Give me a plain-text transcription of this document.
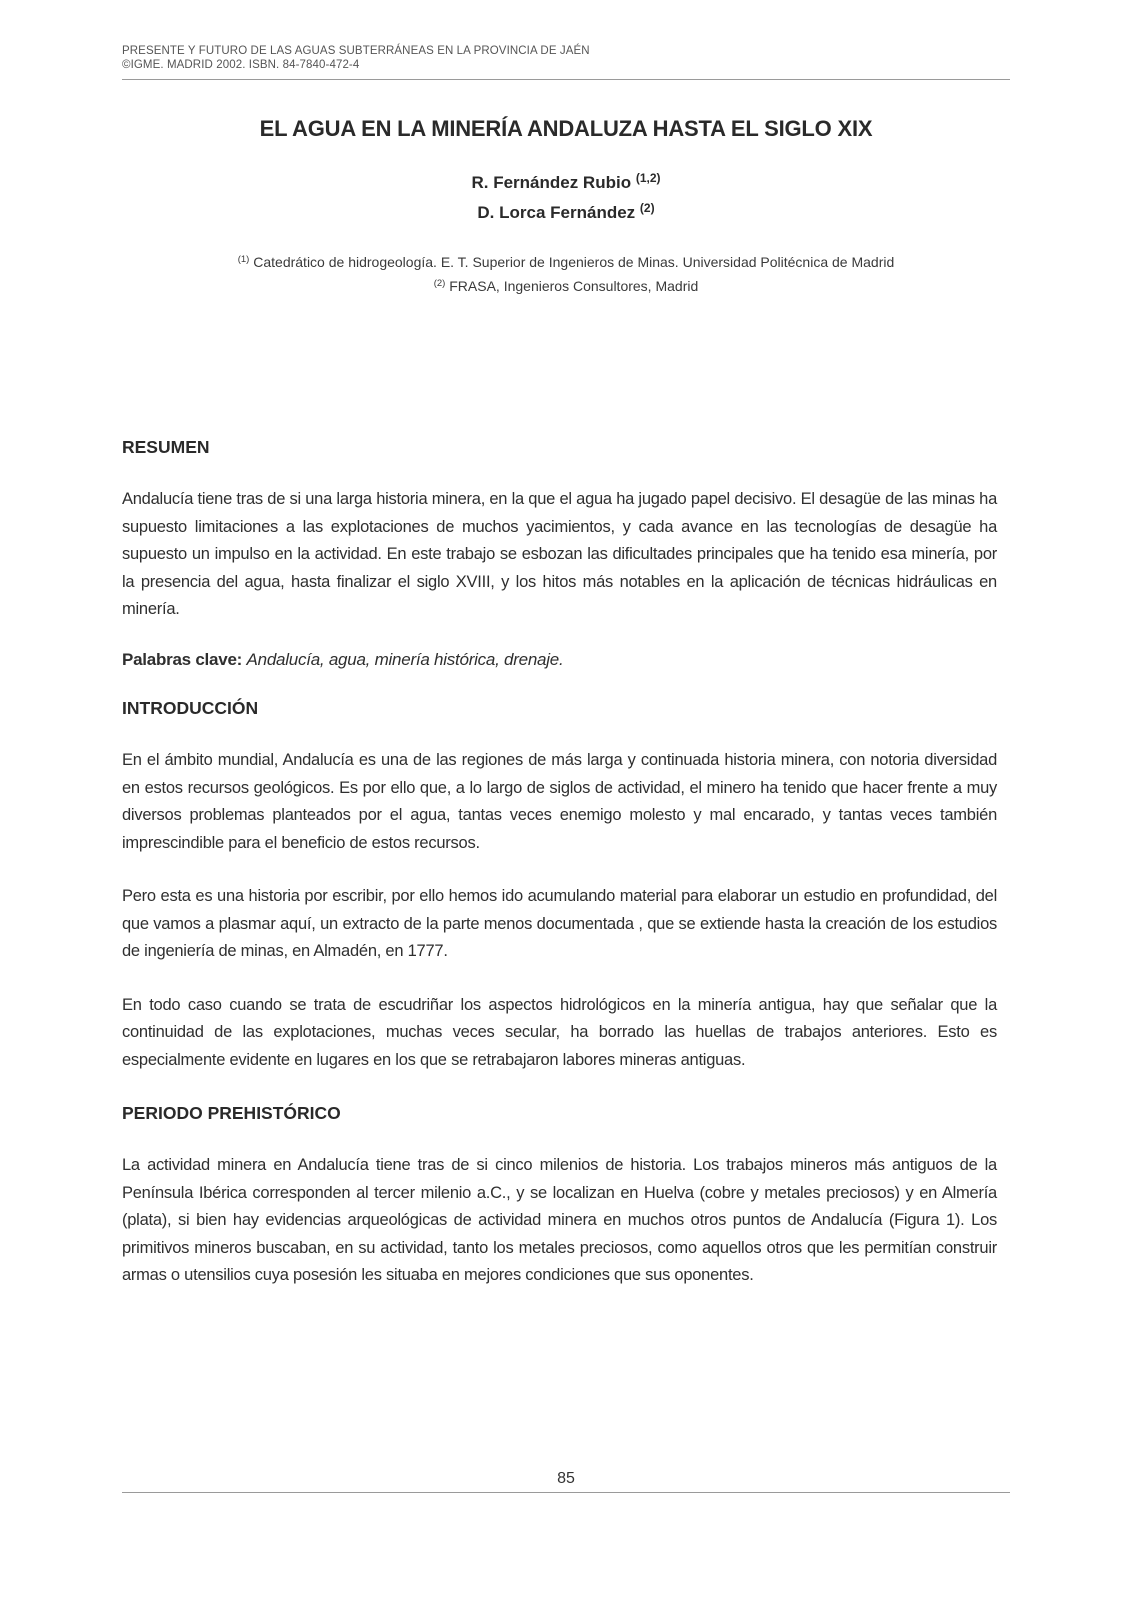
PRESENTE Y FUTURO DE LAS AGUAS SUBTERRÁNEAS EN LA PROVINCIA DE JAÉN
©IGME. MADRID 2002. ISBN. 84-7840-472-4
EL AGUA EN LA MINERÍA ANDALUZA HASTA EL SIGLO XIX
R. Fernández Rubio $^{(1,2)}$
D. Lorca Fernández $^{(2)}$
$^{(1)}$ Catedrático de hidrogeología. E. T. Superior de Ingenieros de Minas. Universidad Politécnica de Madrid
$^{(2)}$ FRASA, Ingenieros Consultores, Madrid
RESUMEN

Andalucía tiene tras de si una larga historia minera, en la que el agua ha jugado papel decisivo. El desagüe de las minas ha supuesto limitaciones a las explotaciones de muchos yacimientos, y cada avance en las tecnologías de desagüe ha supuesto un impulso en la actividad. En este trabajo se esbozan las dificultades principales que ha tenido esa minería, por la presencia del agua, hasta finalizar el siglo XVIII, y los hitos más notables en la aplicación de técnicas hidráulicas en minería.

Palabras clave: Andalucía, agua, minería histórica, drenaje.

INTRODUCCIÓN

En el ámbito mundial, Andalucía es una de las regiones de más larga y continuada historia minera, con notoria diversidad en estos recursos geológicos. Es por ello que, a lo largo de siglos de actividad, el minero ha tenido que hacer frente a muy diversos problemas planteados por el agua, tantas veces enemigo molesto y mal encarado, y tantas veces también imprescindible para el beneficio de estos recursos.

Pero esta es una historia por escribir, por ello hemos ido acumulando material para elaborar un estudio en profundidad, del que vamos a plasmar aquí, un extracto de la parte menos documentada , que se extiende hasta la creación de los estudios de ingeniería de minas, en Almadén, en 1777.

En todo caso cuando se trata de escudriñar los aspectos hidrológicos en la minería antigua, hay que señalar que la continuidad de las explotaciones, muchas veces secular, ha borrado las huellas de trabajos anteriores. Esto es especialmente evidente en lugares en los que se retrabajaron labores mineras antiguas.

PERIODO PREHISTÓRICO

La actividad minera en Andalucía tiene tras de si cinco milenios de historia. Los trabajos mineros más antiguos de la Península Ibérica corresponden al tercer milenio a.C., y se localizan en Huelva (cobre y metales preciosos) y en Almería (plata), si bien hay evidencias arqueológicas de actividad minera en muchos otros puntos de Andalucía (Figura 1). Los primitivos mineros buscaban, en su actividad, tanto los metales preciosos, como aquellos otros que les permitían construir armas o utensilios cuya posesión les situaba en mejores condiciones que sus oponentes.

85
